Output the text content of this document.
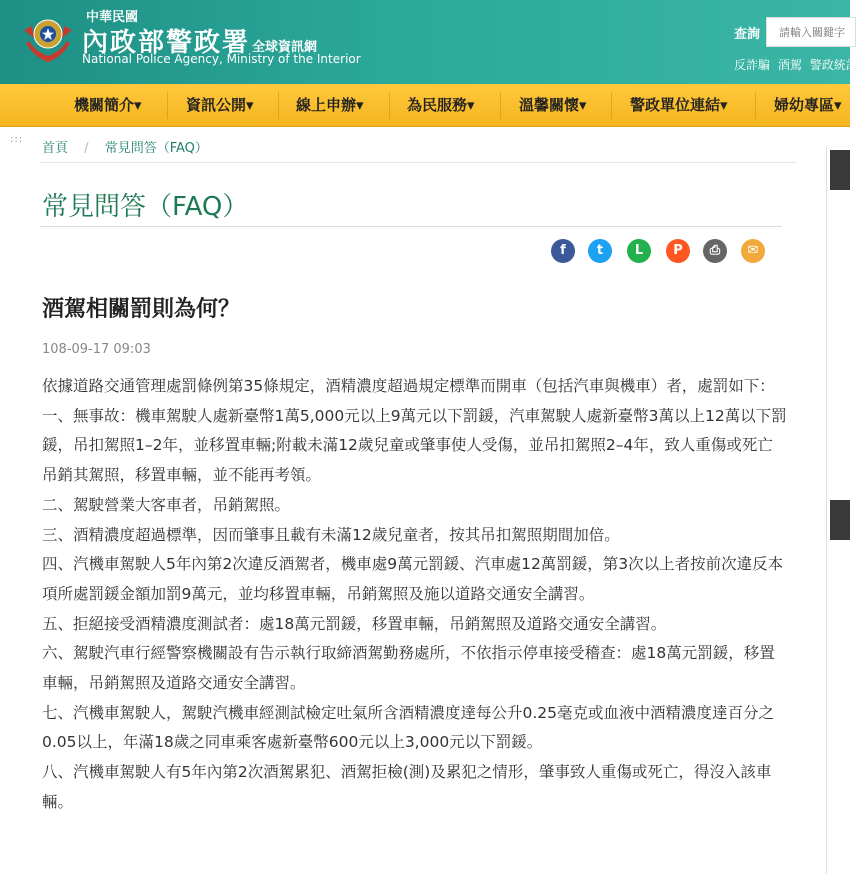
中華民國
內政部警政署 全球資訊網
National Police Agency, Ministry of the Interior
查詢
請輸入關鍵字
反詐騙 酒駕 警政統計
機關簡介▾	資訊公開▾	線上申辦▾	為民服務▾	溫馨關懷▾	警政單位連結▾	婦幼專區▾
:::
首頁 / 常見問答（FAQ）
常見問答（FAQ）
f	t	L	P	⎙	✉
酒駕相關罰則為何？
108-09-17 09:03

依據道路交通管理處罰條例第35條規定，酒精濃度超過規定標準而開車（包括汽車與機車）者，處罰如下：

一、無事故：機車駕駛人處新臺幣1萬5,000元以上9萬元以下罰鍰，汽車駕駛人處新臺幣3萬以上12萬以下罰鍰，吊扣駕照1–2年，並移置車輛;附載未滿12歲兒童或肇事使人受傷，並吊扣駕照2–4年，致人重傷或死亡吊銷其駕照，移置車輛，並不能再考領。

二、駕駛營業大客車者，吊銷駕照。

三、酒精濃度超過標準，因而肇事且載有未滿12歲兒童者，按其吊扣駕照期間加倍。

四、汽機車駕駛人5年內第2次違反酒駕者，機車處9萬元罰鍰、汽車處12萬罰鍰，第3次以上者按前次違反本項所處罰鍰金額加罰9萬元，並均移置車輛，吊銷駕照及施以道路交通安全講習。

五、拒絕接受酒精濃度測試者：處18萬元罰鍰，移置車輛，吊銷駕照及道路交通安全講習。

六、駕駛汽車行經警察機關設有告示執行取締酒駕勤務處所，不依指示停車接受稽查：處18萬元罰鍰，移置車輛，吊銷駕照及道路交通安全講習。

七、汽機車駕駛人，駕駛汽機車經測試檢定吐氣所含酒精濃度達每公升0.25毫克或血液中酒精濃度達百分之0.05以上，年滿18歲之同車乘客處新臺幣600元以上3,000元以下罰鍰。

八、汽機車駕駛人有5年內第2次酒駕累犯、酒駕拒檢(測)及累犯之情形，肇事致人重傷或死亡，得沒入該車輛。
